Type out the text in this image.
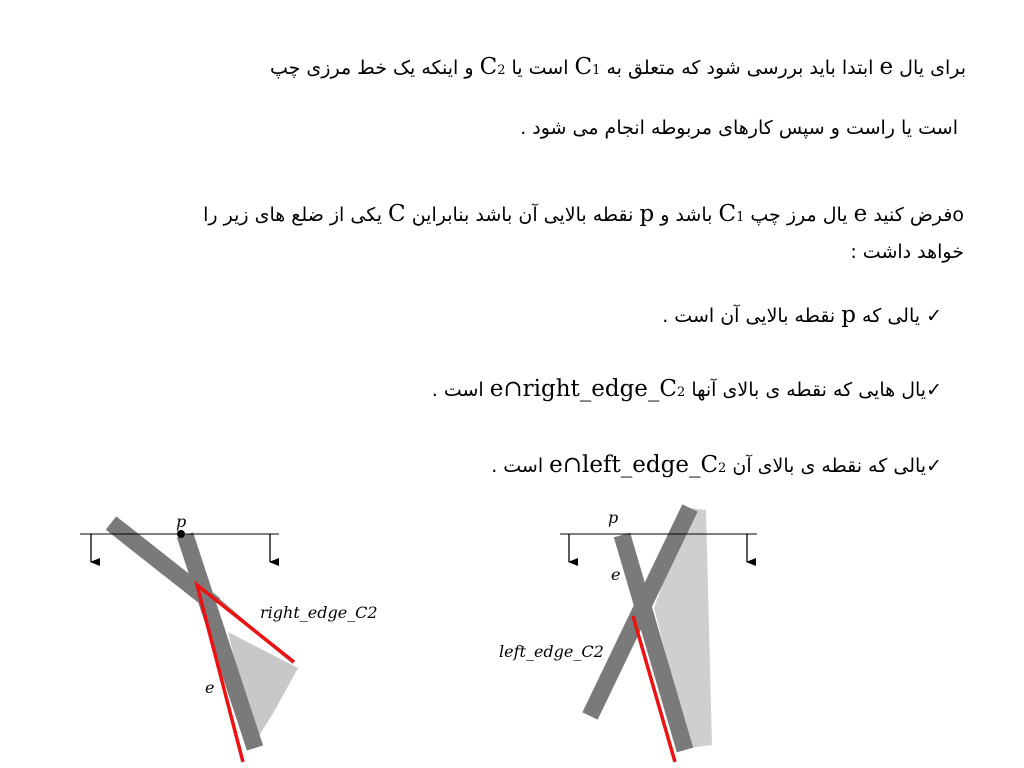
برای یال e ابتدا باید بررسی شود که متعلق به C1 است یا C2 و اینکه یک خط مرزی چپ
است یا راست و سپس کارهای مربوطه انجام می شود .
oفرض کنید e یال مرز چپ C1 باشد و p نقطه بالایی آن باشد بنابراین C یکی از ضلع های زیر را
خواهد داشت :
✓ یالی که p نقطه بالایی آن است .
✓یال هایی که نقطه ی بالای آنها e∩right_edge_C2 است .
✓یالی که نقطه ی بالای آن e∩left_edge_C2 است .
p
e
right_edge_C2
p
e
left_edge_C2
